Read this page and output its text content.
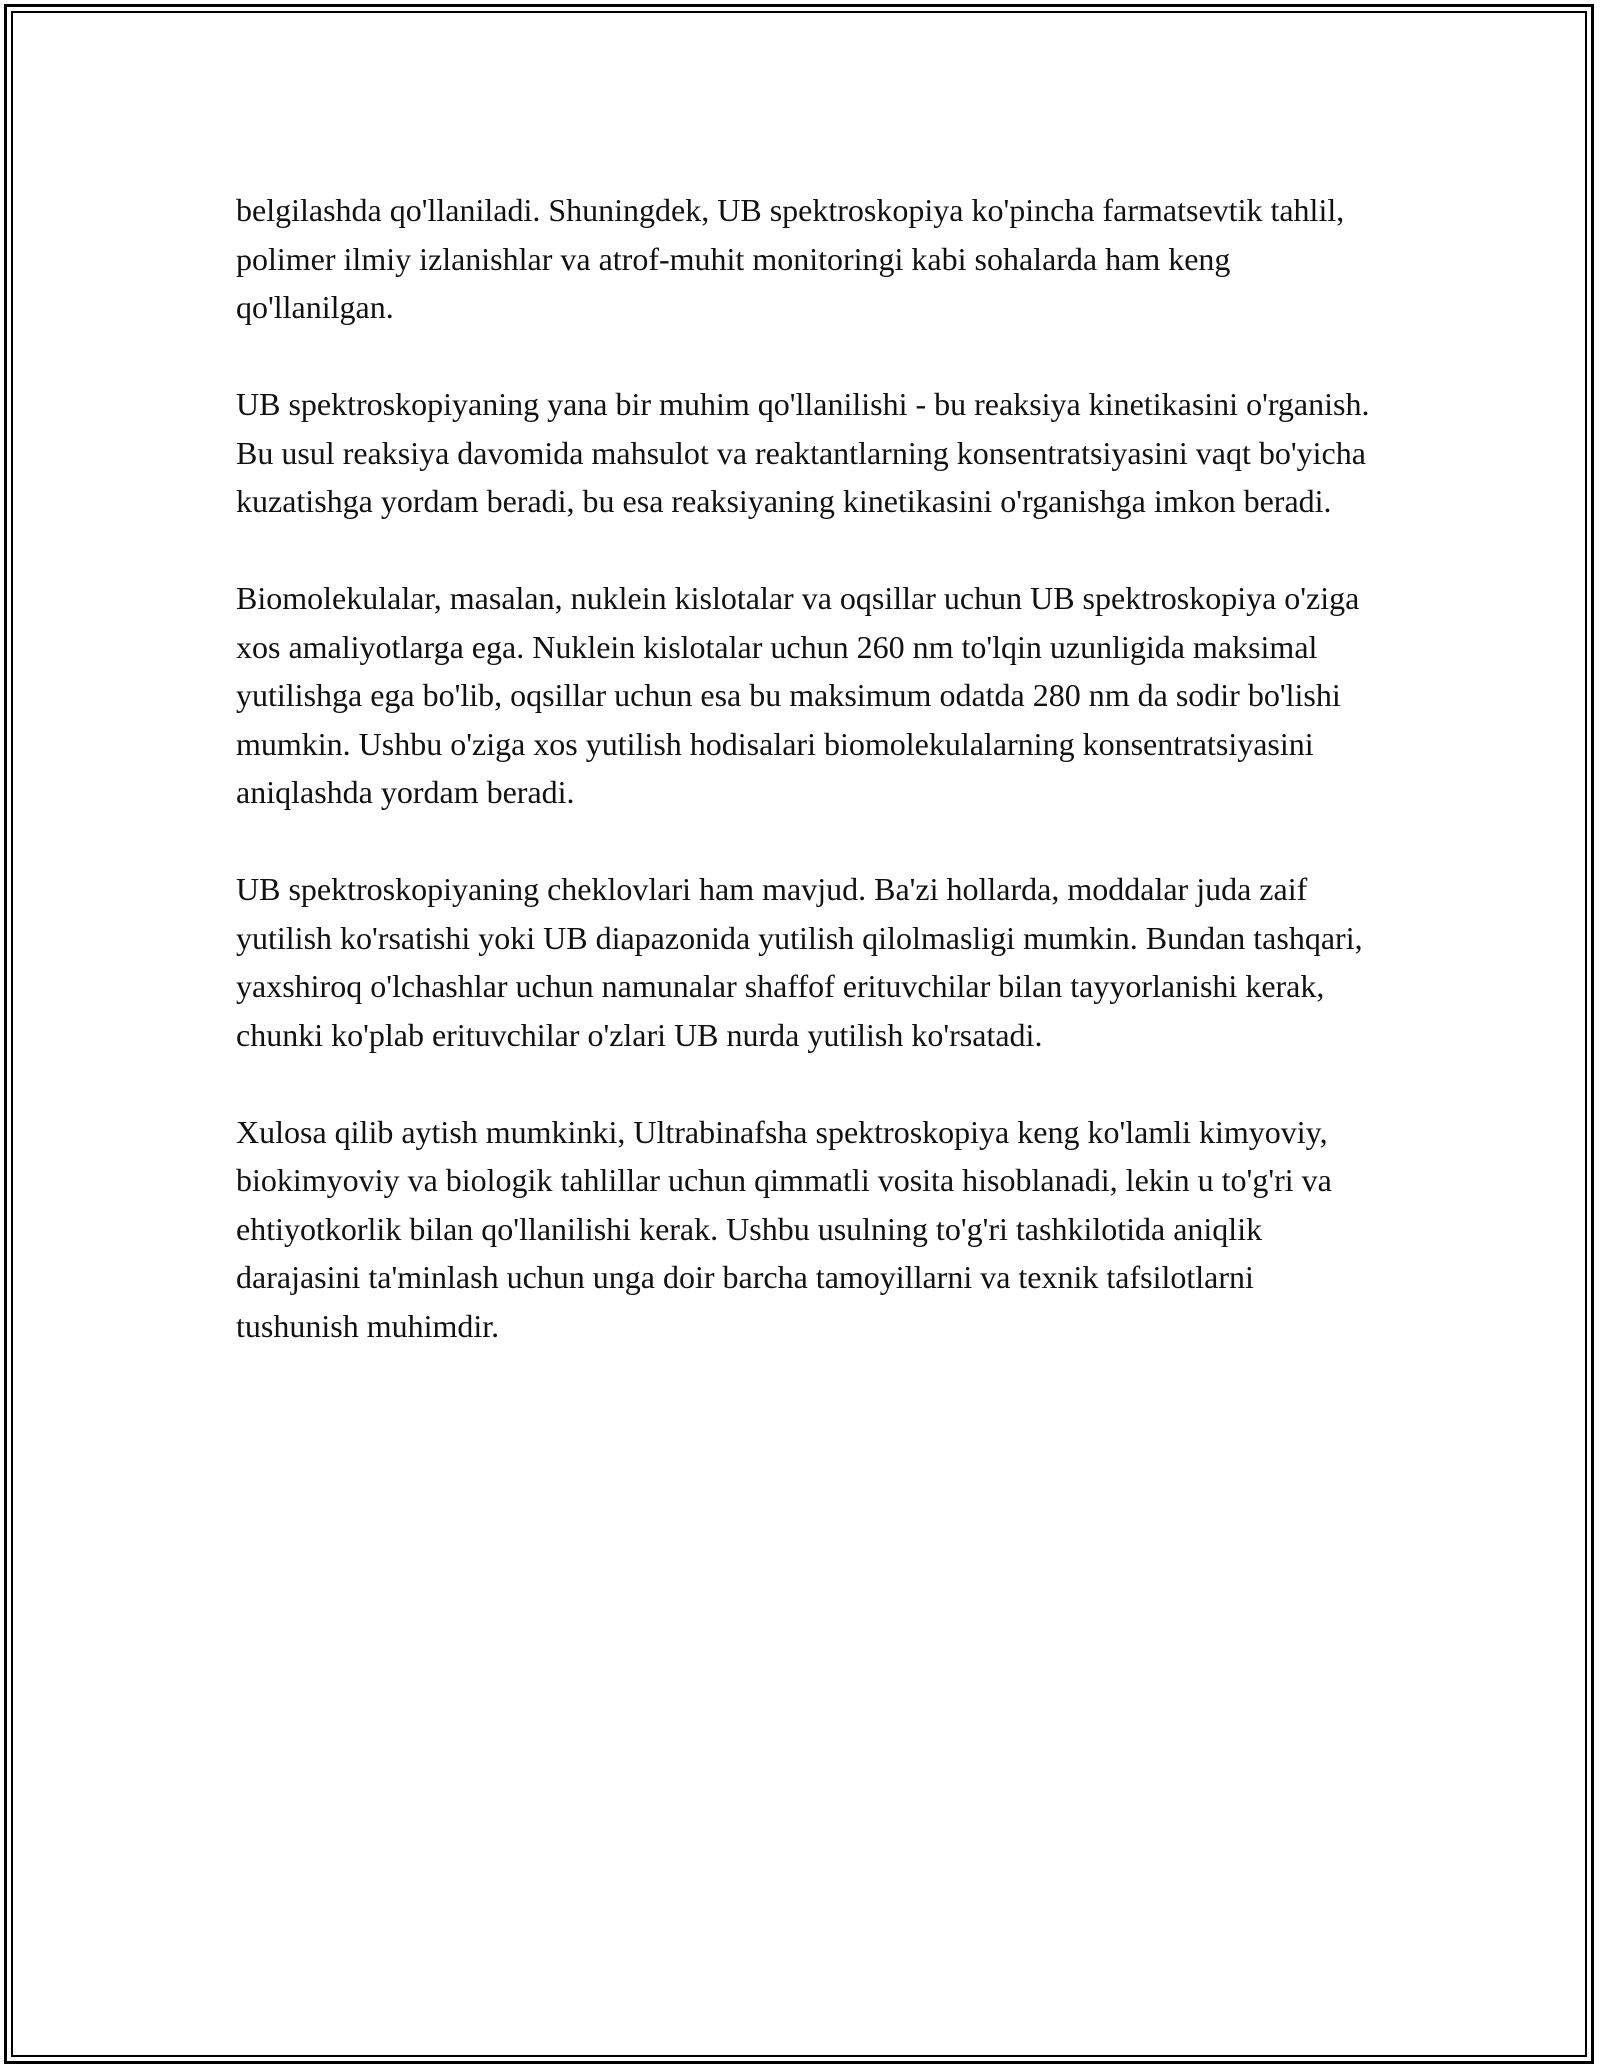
belgilashda qo'llaniladi. Shuningdek, UB spektroskopiya ko'pincha farmatsevtik tahlil, polimer ilmiy izlanishlar va atrof-muhit monitoringi kabi sohalarda ham keng qo'llanilgan.

UB spektroskopiyaning yana bir muhim qo'llanilishi - bu reaksiya kinetikasini o'rganish. Bu usul reaksiya davomida mahsulot va reaktantlarning konsentratsiyasini vaqt bo'yicha kuzatishga yordam beradi, bu esa reaksiyaning kinetikasini o'rganishga imkon beradi.

Biomolekulalar, masalan, nuklein kislotalar va oqsillar uchun UB spektroskopiya o'ziga xos amaliyotlarga ega. Nuklein kislotalar uchun 260 nm to'lqin uzunligida maksimal yutilishga ega bo'lib, oqsillar uchun esa bu maksimum odatda 280 nm da sodir bo'lishi mumkin. Ushbu o'ziga xos yutilish hodisalari biomolekulalarning konsentratsiyasini aniqlashda yordam beradi.

UB spektroskopiyaning cheklovlari ham mavjud. Ba'zi hollarda, moddalar juda zaif yutilish ko'rsatishi yoki UB diapazonida yutilish qilolmasligi mumkin. Bundan tashqari, yaxshiroq o'lchashlar uchun namunalar shaffof erituvchilar bilan tayyorlanishi kerak, chunki ko'plab erituvchilar o'zlari UB nurda yutilish ko'rsatadi.

Xulosa qilib aytish mumkinki, Ultrabinafsha spektroskopiya keng ko'lamli kimyoviy, biokimyoviy va biologik tahlillar uchun qimmatli vosita hisoblanadi, lekin u to'g'ri va ehtiyotkorlik bilan qo'llanilishi kerak. Ushbu usulning to'g'ri tashkilotida aniqlik darajasini ta'minlash uchun unga doir barcha tamoyillarni va texnik tafsilotlarni tushunish muhimdir.
